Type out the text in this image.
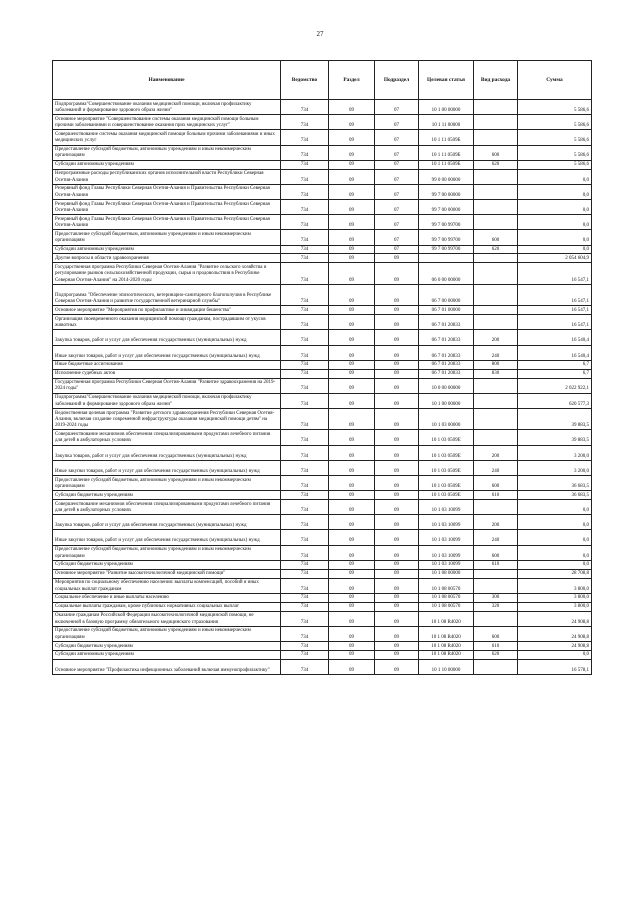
27
Наименование	Ведомство	Раздел	Подраздел	Целевая статья	Вид расхода	Сумма
Подпрограмма"Совершенствование оказания медицинской помощи, включая профилактику заболеваний и формирование здорового образа жизни"	734	09	07	10 1 00 00000		5 586,6
Основное мероприятие "Совершенствование системы оказания медицинской помощи больным прочими заболеваниями и совершенствование оказания прих медицинских услуг"	734	09	07	10 1 11 00000		5 586,6
Совершенствование системы оказания медицинской помощи больным прочими заболеваниями и иных медицинских услуг	734	09	07	10 1 11 0509Б		5 586,6
Предоставление субсидий бюджетным, автономным учреждениям и иным некоммерческим организациям	734	09	07	10 1 11 0509Б	600	5 586,6
Субсидии автономным учреждениям	734	09	07	10 1 11 0509Б	620	5 586,6
Непрограммные расходы республиканских органов исполнительной власти Республики Северная Осетия-Алания	734	09	07	99 0 00 00000		0,0
Резервный фонд Главы Республики Северная Осетия-Алания и Правительства Республики Северная Осетия-Алания	734	09	07	99 7 00 00000		0,0
Резервный фонд Главы Республики Северная Осетия-Алания и Правительства Республики Северная Осетия-Алания	734	09	07	99 7 00 00000		0,0
Резервный фонд Главы Республики Северная Осетия-Алания и Правительства Республики Северная Осетия-Алания	734	09	07	99 7 00 99700		0,0
Предоставление субсидий бюджетным, автономным учреждениям и иным некоммерческим организациям	734	09	07	99 7 00 99700	600	0,0
Субсидии автономным учреждениям	734	09	07	99 7 00 99700	620	0,0
Другие вопросы в области здравоохранения	734	09	09			2 054 604,9
Государственная программа Республики Северная Осетия-Алания "Развитие сельского хозяйства и регулирование рынков сельскохозяйственной продукции, сырья и продовольствия в Республике Северная Осетия-Алания" на 2014-2020 годы	734	09	09	06 0 00 00000		16 547,1
Подпрограмма "Обеспечение эпизоотического, ветеринарно-санитарного благополучия в Республике Северная Осетия-Алания и развитие государственной ветеринарной службы"	734	09	09	06 7 00 00000		16 547,1
Основное мероприятие "Мероприятия по профилактике и ликвидации бешенства"	734	09	09	06 7 01 00000		16 547,1
Организация своевременного оказания медицинской помощи гражданам, пострадавшим от укусов животных	734	09	09	06 7 01 20833		16 547,1
Закупка товаров, работ и услуг для обеспечения государственных (муниципальных) нужд	734	09	09	06 7 01 20833	200	16 540,4
Иные закупки товаров, работ и услуг для обеспечения государственных (муниципальных) нужд	734	09	09	06 7 01 20833	240	16 540,4
Иные бюджетные ассигнования	734	09	09	06 7 01 20833	800	6,7
Исполнение судебных актов	734	09	09	06 7 01 20833	830	6,7
Государственная программа Республики Северная Осетия-Алания "Развитие здравоохранения на 2019-2024 годы"	734	09	09	10 0 00 00000		2 022 922,1
Подпрограмма"Совершенствование оказания медицинской помощи, включая профилактику заболеваний и формирование здорового образа жизни"	734	09	09	10 1 00 00000		620 577,3
Ведомственная целевая программа "Развитие детского здравоохранения Республики Северная Осетия-Алания, включая создание современной инфраструктуры оказания медицинской помощи детям" на 2019-2024 годы	734	09	09	10 1 03 00000		39 883,5
Совершенствование механизмов обеспечения специализированными продуктами лечебного питания для детей в амбулаторных условиях	734	09	09	10 1 03 0509Е		39 883,5
Закупка товаров, работ и услуг для обеспечения государственных (муниципальных) нужд	734	09	09	10 1 03 0509Е	200	3 200,0
Иные закупки товаров, работ и услуг для обеспечения государственных (муниципальных) нужд	734	09	09	10 1 03 0509Е	240	3 200,0
Предоставление субсидий бюджетным, автономным учреждениям и иным некоммерческим организациям	734	09	09	10 1 03 0509Е	600	36 683,5
Субсидии бюджетным учреждениям	734	09	09	10 1 03 0509Е	610	36 683,5
Совершенствование механизмов обеспечения специализированными продуктами лечебного питания для детей в амбулаторных условиях	734	09	09	10 1 03 10099		0,0
Закупка товаров, работ и услуг для обеспечения государственных (муниципальных) нужд	734	09	09	10 1 03 10099	200	0,0
Иные закупки товаров, работ и услуг для обеспечения государственных (муниципальных) нужд	734	09	09	10 1 03 10099	240	0,0
Предоставление субсидий бюджетным, автономным учреждениям и иным некоммерческим организациям	734	09	09	10 1 03 10099	600	0,0
Субсидии бюджетным учреждениям	734	09	09	10 1 03 10099	610	0,0
Основное мероприятие "Развитие высокотехнологичной медицинской помощи"	734	09	09	10 1 08 00000		28 708,8
Мероприятия по социальному обеспечению населения: выплаты компенсаций, пособий и иных социальных выплат гражданам	734	09	09	10 1 08 00570		3 800,0
Социальное обеспечение и иные выплаты населению	734	09	09	10 1 08 00570	300	3 800,0
Социальные выплаты гражданам, кроме публичных нормативных социальных выплат	734	09	09	10 1 08 00570	320	3 800,0
Оказание гражданам Российской Федерации высокотехнологичной медицинской помощи, не включенной в базовую программу обязательного медицинского страхования	734	09	09	10 1 08 R4020		24 908,8
Предоставление субсидий бюджетным, автономным учреждениям и иным некоммерческим организациям	734	09	09	10 1 08 R4020	600	24 908,8
Субсидии бюджетным учреждениям	734	09	09	10 1 08 R4020	610	24 908,8
Субсидии автономным учреждениям	734	09	09	10 1 08 R4020	620	0,0
Основное мероприятие "Профилактика инфекционных заболеваний включая иммунопрофилактику"	734	09	09	10 1 10 00000		16 578,1
